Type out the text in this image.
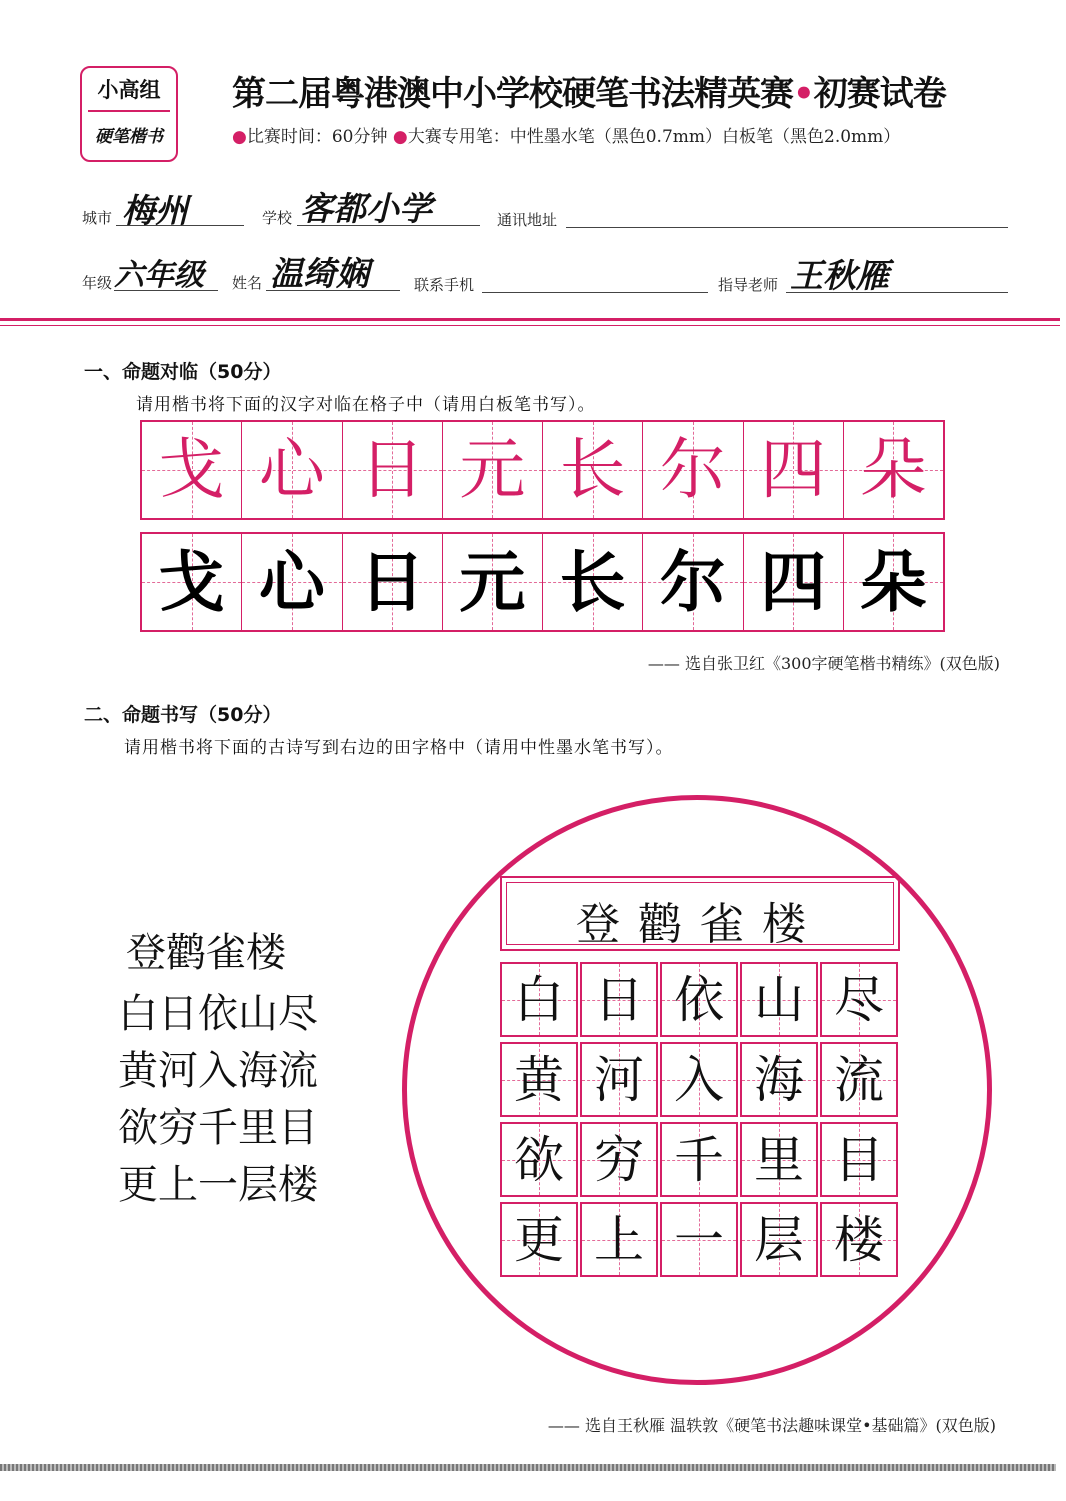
小高组
硬笔楷书
第二届粤港澳中小学校硬笔书法精英赛•初赛试卷
●比赛时间：60分钟 ●大赛专用笔：中性墨水笔（黑色0.7mm）白板笔（黑色2.0mm）
城市 梅州	学校 客都小学	通讯地址
年级 六年级 姓名 温绮娴	联系手机	指导老师 王秋雁
一、命题对临（50分）
请用楷书将下面的汉字对临在格子中（请用白板笔书写）。
戈 心 日 元 长 尔 四 朵
戈 心 日 元 长 尔 四 朵
—— 选自张卫红《300字硬笔楷书精练》(双色版)
二、命题书写（50分）
请用楷书将下面的古诗写到右边的田字格中（请用中性墨水笔书写）。
登鹳雀楼
白日依山尽
黄河入海流
欲穷千里目
更上一层楼
登鹳雀楼
白 日 依 山 尽
黄 河 入 海 流
欲 穷 千 里 目
更 上 一 层 楼
—— 选自王秋雁 温轶敦《硬笔书法趣味课堂•基础篇》(双色版)
